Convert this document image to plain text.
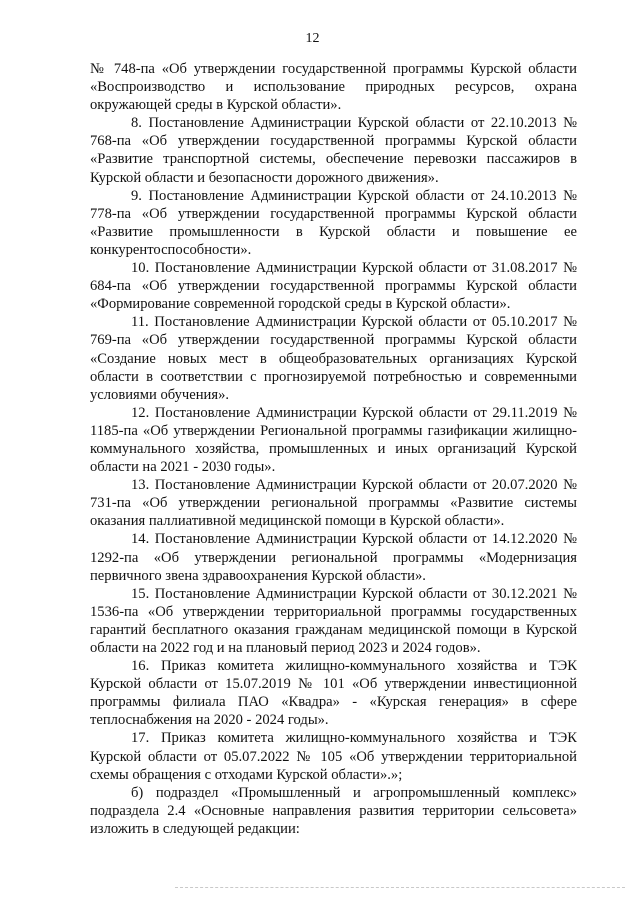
12

№ 748-па «Об утверждении государственной программы Курской области «Воспроизводство и использование природных ресурсов, охрана окружающей среды в Курской области».

8. Постановление Администрации Курской области от 22.10.2013 № 768-па «Об утверждении государственной программы Курской области «Развитие транспортной системы, обеспечение перевозки пассажиров в Курской области и безопасности дорожного движения».

9. Постановление Администрации Курской области от 24.10.2013 № 778-па «Об утверждении государственной программы Курской области «Развитие промышленности в Курской области и повышение ее конкурентоспособности».

10. Постановление Администрации Курской области от 31.08.2017 № 684-па «Об утверждении государственной программы Курской области «Формирование современной городской среды в Курской области».

11. Постановление Администрации Курской области от 05.10.2017 № 769-па «Об утверждении государственной программы Курской области «Создание новых мест в общеобразовательных организациях Курской области в соответствии с прогнозируемой потребностью и современными условиями обучения».

12. Постановление Администрации Курской области от 29.11.2019 № 1185-па «Об утверждении Региональной программы газификации жилищно-коммунального хозяйства, промышленных и иных организаций Курской области на 2021 - 2030 годы».

13. Постановление Администрации Курской области от 20.07.2020 № 731-па «Об утверждении региональной программы «Развитие системы оказания паллиативной медицинской помощи в Курской области».

14. Постановление Администрации Курской области от 14.12.2020 № 1292-па «Об утверждении региональной программы «Модернизация первичного звена здравоохранения Курской области».

15. Постановление Администрации Курской области от 30.12.2021 № 1536-па «Об утверждении территориальной программы государственных гарантий бесплатного оказания гражданам медицинской помощи в Курской области на 2022 год и на плановый период 2023 и 2024 годов».

16. Приказ комитета жилищно-коммунального хозяйства и ТЭК Курской области от 15.07.2019 № 101 «Об утверждении инвестиционной программы филиала ПАО «Квадра» - «Курская генерация» в сфере теплоснабжения на 2020 - 2024 годы».

17. Приказ комитета жилищно-коммунального хозяйства и ТЭК Курской области от 05.07.2022 № 105 «Об утверждении территориальной схемы обращения с отходами Курской области».»;

б) подраздел «Промышленный и агропромышленный комплекс» подраздела 2.4 «Основные направления развития территории сельсовета» изложить в следующей редакции:
